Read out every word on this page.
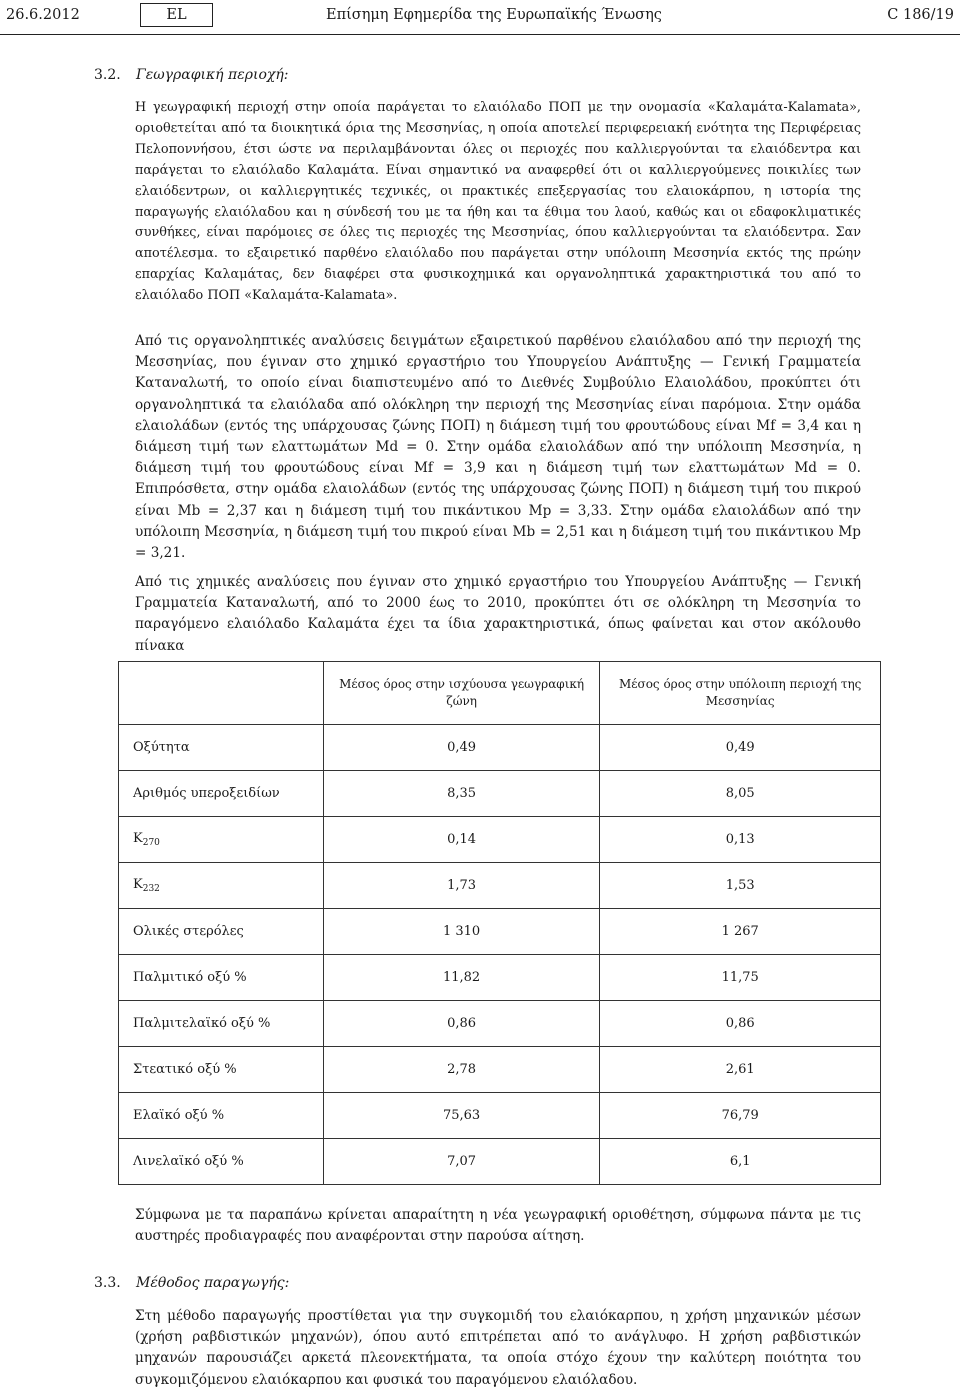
26.6.2012	EL	Επίσημη Εφημερίδα της Ευρωπαϊκής Ένωσης	C 186/19
3.2. Γεωγραφική περιοχή:

Η γεωγραφική περιοχή στην οποία παράγεται το ελαιόλαδο ΠΟΠ με την ονομασία «Καλαμάτα-Kalamata», οριοθετείται από τα διοικητικά όρια της Μεσσηνίας, η οποία αποτελεί περιφερειακή ενότητα της Περιφέρειας Πελοποννήσου, έτσι ώστε να περιλαμβάνονται όλες οι περιοχές που καλλιεργούνται τα ελαιόδεντρα και παράγεται το ελαιόλαδο Καλαμάτα. Είναι σημαντικό να αναφερθεί ότι οι καλλιεργούμενες ποικιλίες των ελαιόδεντρων, οι καλλιεργητικές τεχνικές, οι πρακτικές επεξεργασίας του ελαιοκάρπου, η ιστορία της παραγωγής ελαιόλαδου και η σύνδεσή του με τα ήθη και τα έθιμα του λαού, καθώς και οι εδαφοκλιματικές συνθήκες, είναι παρόμοιες σε όλες τις περιοχές της Μεσσηνίας, όπου καλλιεργούνται τα ελαιόδεντρα. Σαν αποτέλεσμα. το εξαιρετικό παρθένο ελαιόλαδο που παράγεται στην υπόλοιπη Μεσσηνία εκτός της πρώην επαρχίας Καλαμάτας, δεν διαφέρει στα φυσικοχημικά και οργανοληπτικά χαρακτηριστικά του από το ελαιόλαδο ΠΟΠ «Καλαμάτα-Kalamata».

Από τις οργανοληπτικές αναλύσεις δειγμάτων εξαιρετικού παρθένου ελαιόλαδου από την περιοχή της Μεσσηνίας, που έγιναν στο χημικό εργαστήριο του Υπουργείου Ανάπτυξης — Γενική Γραμματεία Καταναλωτή, το οποίο είναι διαπιστευμένο από το Διεθνές Συμβούλιο Ελαιολάδου, προκύπτει ότι οργανοληπτικά τα ελαιόλαδα από ολόκληρη την περιοχή της Μεσσηνίας είναι παρόμοια. Στην ομάδα ελαιολάδων (εντός της υπάρχουσας ζώνης ΠΟΠ) η διάμεση τιμή του φρουτώδους είναι Mf = 3,4 και η διάμεση τιμή των ελαττωμάτων Md = 0. Στην ομάδα ελαιολάδων από την υπόλοιπη Μεσσηνία, η διάμεση τιμή του φρουτώδους είναι Mf = 3,9 και η διάμεση τιμή των ελαττωμάτων Md = 0. Επιπρόσθετα, στην ομάδα ελαιολάδων (εντός της υπάρχουσας ζώνης ΠΟΠ) η διάμεση τιμή του πικρού είναι Mb = 2,37 και η διάμεση τιμή του πικάντικου Mp = 3,33. Στην ομάδα ελαιολάδων από την υπόλοιπη Μεσσηνία, η διάμεση τιμή του πικρού είναι Mb = 2,51 και η διάμεση τιμή του πικάντικου Mp = 3,21.

Από τις χημικές αναλύσεις που έγιναν στο χημικό εργαστήριο του Υπουργείου Ανάπτυξης — Γενική Γραμματεία Καταναλωτή, από το 2000 έως το 2010, προκύπτει ότι σε ολόκληρη τη Μεσσηνία το παραγόμενο ελαιόλαδο Καλαμάτα έχει τα ίδια χαρακτηριστικά, όπως φαίνεται και στον ακόλουθο πίνακα

	Μέσος όρος στην ισχύουσα γεωγραφική ζώνη	Μέσος όρος στην υπόλοιπη περιοχή της Μεσσηνίας
Οξύτητα	0,49	0,49
Αριθμός υπεροξειδίων	8,35	8,05
$K_{270}$	0,14	0,13
$K_{232}$	1,73	1,53
Ολικές στερόλες	1 310	1 267
Παλμιτικό οξύ %	11,82	11,75
Παλμιτελαϊκό οξύ %	0,86	0,86
Στεατικό οξύ %	2,78	2,61
Ελαϊκό οξύ %	75,63	76,79
Λινελαϊκό οξύ %	7,07	6,1

Σύμφωνα με τα παραπάνω κρίνεται απαραίτητη η νέα γεωγραφική οριοθέτηση, σύμφωνα πάντα με τις αυστηρές προδιαγραφές που αναφέρονται στην παρούσα αίτηση.

3.3. Μέθοδος παραγωγής:

Στη μέθοδο παραγωγής προστίθεται για την συγκομιδή του ελαιόκαρπου, η χρήση μηχανικών μέσων (χρήση ραβδιστικών μηχανών), όπου αυτό επιτρέπεται από το ανάγλυφο. Η χρήση ραβδιστικών μηχανών παρουσιάζει αρκετά πλεονεκτήματα, τα οποία στόχο έχουν την καλύτερη ποιότητα του συγκομιζόμενου ελαιόκαρπου και φυσικά του παραγόμενου ελαιόλαδου.
